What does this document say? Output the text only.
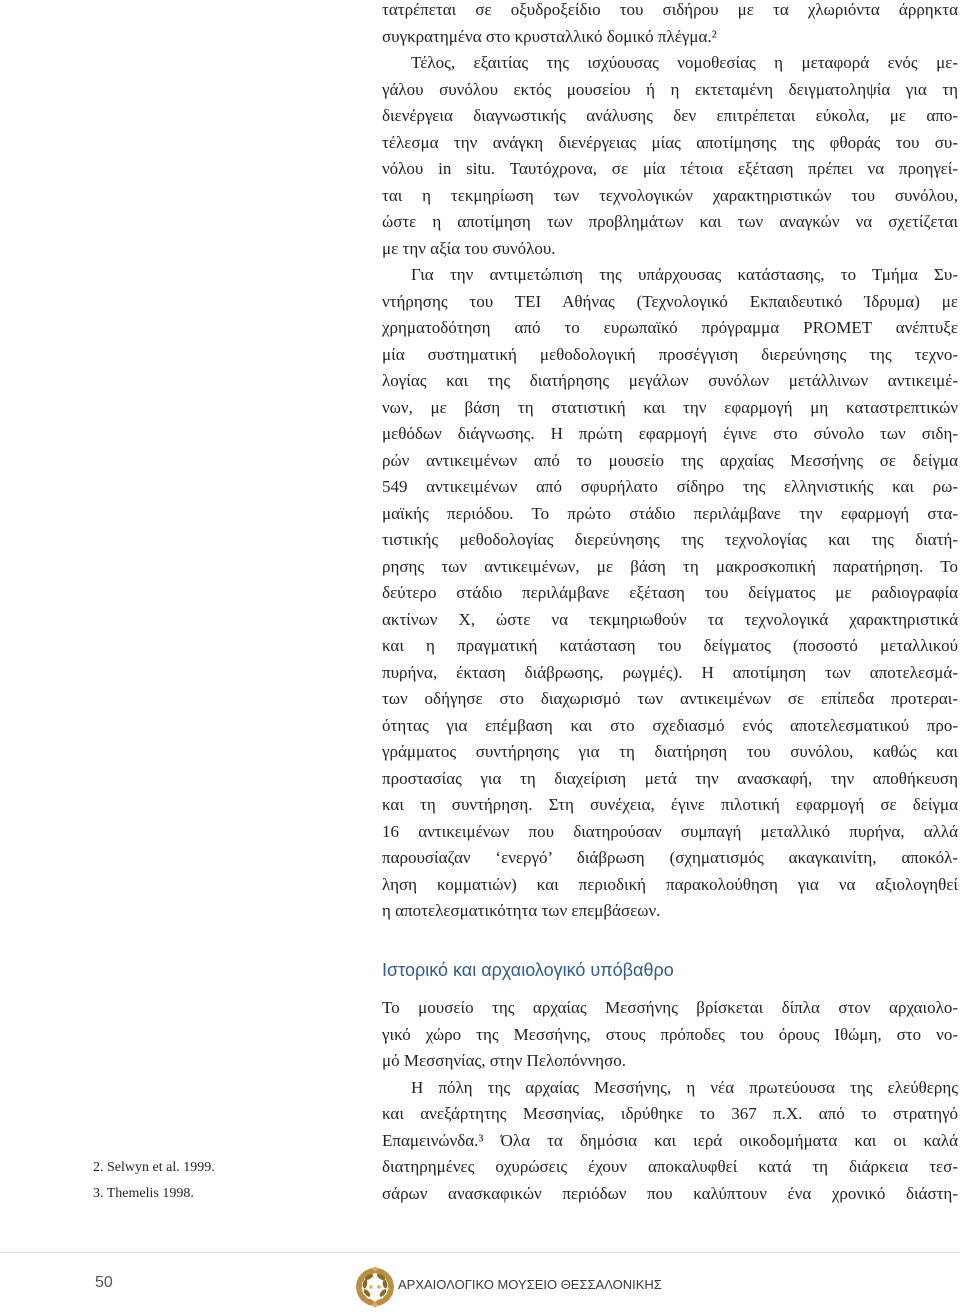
τατρέπεται σε οξυδροξείδιο του σιδήρου με τα χλωριόντα άρρηκτα
συγκρατημένα στο κρυσταλλικό δομικό πλέγμα.²
Τέλος, εξαιτίας της ισχύουσας νομοθεσίας η μεταφορά ενός με-
γάλου συνόλου εκτός μουσείου ή η εκτεταμένη δειγματοληψία για τη
διενέργεια διαγνωστικής ανάλυσης δεν επιτρέπεται εύκολα, με απο-
τέλεσμα την ανάγκη διενέργειας μίας αποτίμησης της φθοράς του συ-
νόλου in situ. Ταυτόχρονα, σε μία τέτοια εξέταση πρέπει να προηγεί-
ται η τεκμηρίωση των τεχνολογικών χαρακτηριστικών του συνόλου,
ώστε η αποτίμηση των προβλημάτων και των αναγκών να σχετίζεται
με την αξία του συνόλου.
Για την αντιμετώπιση της υπάρχουσας κατάστασης, το Τμήμα Συ-
ντήρησης του ΤΕΙ Αθήνας (Τεχνολογικό Εκπαιδευτικό Ίδρυμα) με
χρηματοδότηση από το ευρωπαϊκό πρόγραμμα PROMET ανέπτυξε
μία συστηματική μεθοδολογική προσέγγιση διερεύνησης της τεχνο-
λογίας και της διατήρησης μεγάλων συνόλων μετάλλινων αντικειμέ-
νων, με βάση τη στατιστική και την εφαρμογή μη καταστρεπτικών
μεθόδων διάγνωσης. Η πρώτη εφαρμογή έγινε στο σύνολο των σιδη-
ρών αντικειμένων από το μουσείο της αρχαίας Μεσσήνης σε δείγμα
549 αντικειμένων από σφυρήλατο σίδηρο της ελληνιστικής και ρω-
μαϊκής περιόδου. Το πρώτο στάδιο περιλάμβανε την εφαρμογή στα-
τιστικής μεθοδολογίας διερεύνησης της τεχνολογίας και της διατή-
ρησης των αντικειμένων, με βάση τη μακροσκοπική παρατήρηση. Το
δεύτερο στάδιο περιλάμβανε εξέταση του δείγματος με ραδιογραφία
ακτίνων Χ, ώστε να τεκμηριωθούν τα τεχνολογικά χαρακτηριστικά
και η πραγματική κατάσταση του δείγματος (ποσοστό μεταλλικού
πυρήνα, έκταση διάβρωσης, ρωγμές). Η αποτίμηση των αποτελεσμά-
των οδήγησε στο διαχωρισμό των αντικειμένων σε επίπεδα προτεραι-
ότητας για επέμβαση και στο σχεδιασμό ενός αποτελεσματικού προ-
γράμματος συντήρησης για τη διατήρηση του συνόλου, καθώς και
προστασίας για τη διαχείριση μετά την ανασκαφή, την αποθήκευση
και τη συντήρηση. Στη συνέχεια, έγινε πιλοτική εφαρμογή σε δείγμα
16 αντικειμένων που διατηρούσαν συμπαγή μεταλλικό πυρήνα, αλλά
παρουσίαζαν ‘ενεργό’ διάβρωση (σχηματισμός ακαγκαινίτη, αποκόλ-
ληση κομματιών) και περιοδική παρακολούθηση για να αξιολογηθεί
η αποτελεσματικότητα των επεμβάσεων.
Ιστορικό και αρχαιολογικό υπόβαθρο
Το μουσείο της αρχαίας Μεσσήνης βρίσκεται δίπλα στον αρχαιολο-
γικό χώρο της Μεσσήνης, στους πρόποδες του όρους Ιθώμη, στο νο-
μό Μεσσηνίας, στην Πελοπόννησο.
Η πόλη της αρχαίας Μεσσήνης, η νέα πρωτεύουσα της ελεύθερης
και ανεξάρτητης Μεσσηνίας, ιδρύθηκε το 367 π.Χ. από το στρατηγό
Επαμεινώνδα.³ Όλα τα δημόσια και ιερά οικοδομήματα και οι καλά
διατηρημένες οχυρώσεις έχουν αποκαλυφθεί κατά τη διάρκεια τεσ-
σάρων ανασκαφικών περιόδων που καλύπτουν ένα χρονικό διάστη-
2. Selwyn et al. 1999.
3. Themelis 1998.
50	ΑΡΧΑΙΟΛΟΓΙΚΟ ΜΟΥΣΕΙΟ ΘΕΣΣΑΛΟΝΙΚΗΣ
